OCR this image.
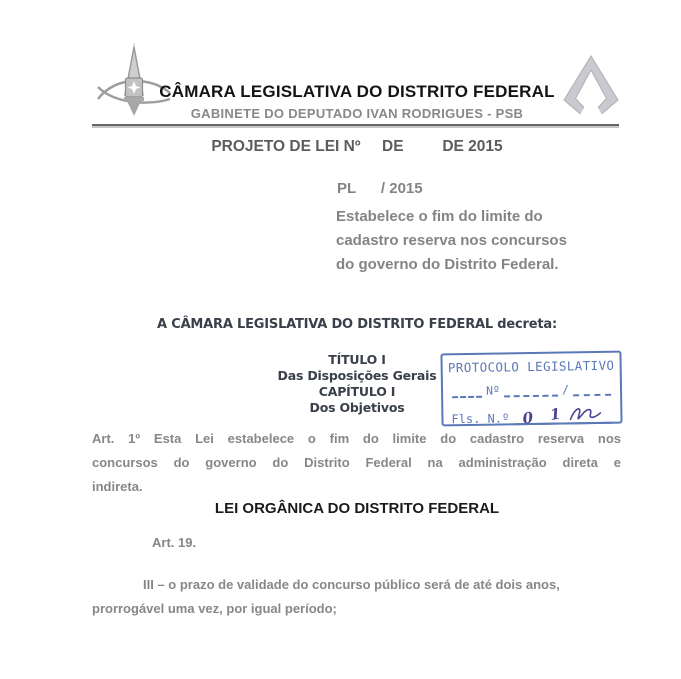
CÂMARA LEGISLATIVA DO DISTRITO FEDERAL
GABINETE DO DEPUTADO IVAN RODRIGUES - PSB
PROJETO DE LEI Nº     DE         DE 2015
PL      / 2015
Estabelece o fim do limite do
cadastro reserva nos concursos
do governo do Distrito Federal.
A CÂMARA LEGISLATIVA DO DISTRITO FEDERAL decreta:
TÍTULO I
Das Disposições Gerais
CAPÍTULO I
Dos Objetivos
PROTOCOLO LEGISLATIVO
Nº	/
Fls. N.º 0 1
Art. 1º Esta Lei estabelece o fim do limite do cadastro reserva nos
concursos do governo do Distrito Federal na administração direta e
indireta.
LEI ORGÂNICA DO DISTRITO FEDERAL
Art. 19.
III – o prazo de validade do concurso público será de até dois anos,
prorrogável uma vez, por igual período;
